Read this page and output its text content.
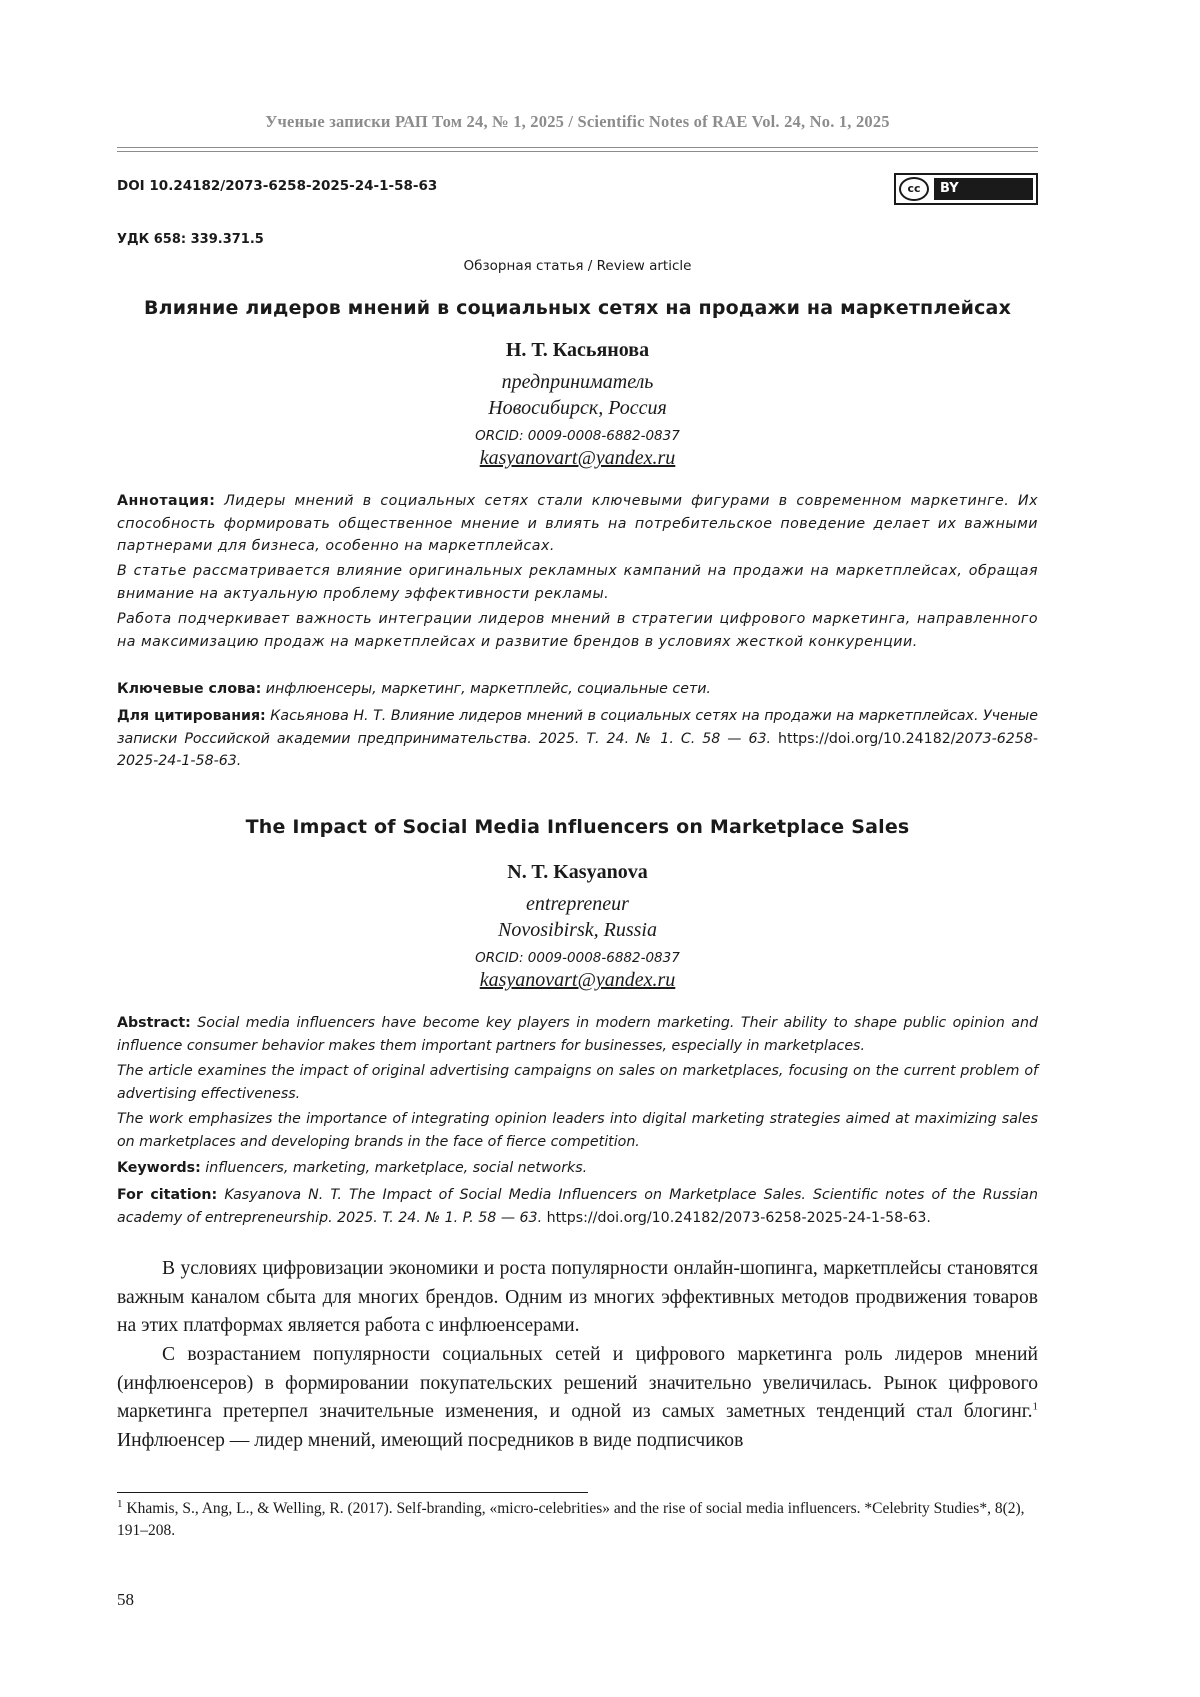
Ученые записки РАП Том 24, № 1, 2025 / Scientific Notes of RAE Vol. 24, No. 1, 2025
DOI 10.24182/2073-6258-2025-24-1-58-63	cc	BY
УДК 658: 339.371.5
Обзорная статья / Review article
Влияние лидеров мнений в социальных сетях на продажи на маркетплейсах
Н. Т. Касьянова
предприниматель
Новосибирск, Россия
ORCID: 0009-0008-6882-0837
kasyanovart@yandex.ru
Аннотация: Лидеры мнений в социальных сетях стали ключевыми фигурами в современном маркетинге. Их способность формировать общественное мнение и влиять на потребительское поведение делает их важными партнерами для бизнеса, особенно на маркетплейсах.
В статье рассматривается влияние оригинальных рекламных кампаний на продажи на маркетплейсах, обращая внимание на актуальную проблему эффективности рекламы.
Работа подчеркивает важность интеграции лидеров мнений в стратегии цифрового маркетинга, направленного на максимизацию продаж на маркетплейсах и развитие брендов в условиях жесткой конкуренции.
Ключевые слова: инфлюенсеры, маркетинг, маркетплейс, социальные сети.
Для цитирования: Касьянова Н. Т. Влияние лидеров мнений в социальных сетях на продажи на маркетплейсах. Ученые записки Российской академии предпринимательства. 2025. Т. 24. № 1. С. 58 — 63. https://doi.org/10.24182/2073-6258-2025-24-1-58-63.
The Impact of Social Media Influencers on Marketplace Sales
N. T. Kasyanova
entrepreneur
Novosibirsk, Russia
ORCID: 0009-0008-6882-0837
kasyanovart@yandex.ru
Abstract: Social media influencers have become key players in modern marketing. Their ability to shape public opinion and influence consumer behavior makes them important partners for businesses, especially in marketplaces.
The article examines the impact of original advertising campaigns on sales on marketplaces, focusing on the current problem of advertising effectiveness.
The work emphasizes the importance of integrating opinion leaders into digital marketing strategies aimed at maximizing sales on marketplaces and developing brands in the face of fierce competition.
Keywords: influencers, marketing, marketplace, social networks.
For citation: Kasyanova N. T. The Impact of Social Media Influencers on Marketplace Sales. Scientific notes of the Russian academy of entrepreneurship. 2025. T. 24. № 1. P. 58 — 63. https://doi.org/10.24182/2073-6258-2025-24-1-58-63.
В условиях цифровизации экономики и роста популярности онлайн-шопинга, маркетплейсы становятся важным каналом сбыта для многих брендов. Одним из многих эффективных методов продвижения товаров на этих платформах является работа с инфлюенсерами.
С возрастанием популярности социальных сетей и цифрового маркетинга роль лидеров мнений (инфлюенсеров) в формировании покупательских решений значительно увеличилась. Рынок цифрового маркетинга претерпел значительные изменения, и одной из самых заметных тенденций стал блогинг.$^1$ Инфлюенсер — лидер мнений, имеющий посредников в виде подписчиков
$^1$ Khamis, S., Ang, L., & Welling, R. (2017). Self-branding, «micro-celebrities» and the rise of social media influencers. *Celebrity Studies*, 8(2), 191–208.
58
